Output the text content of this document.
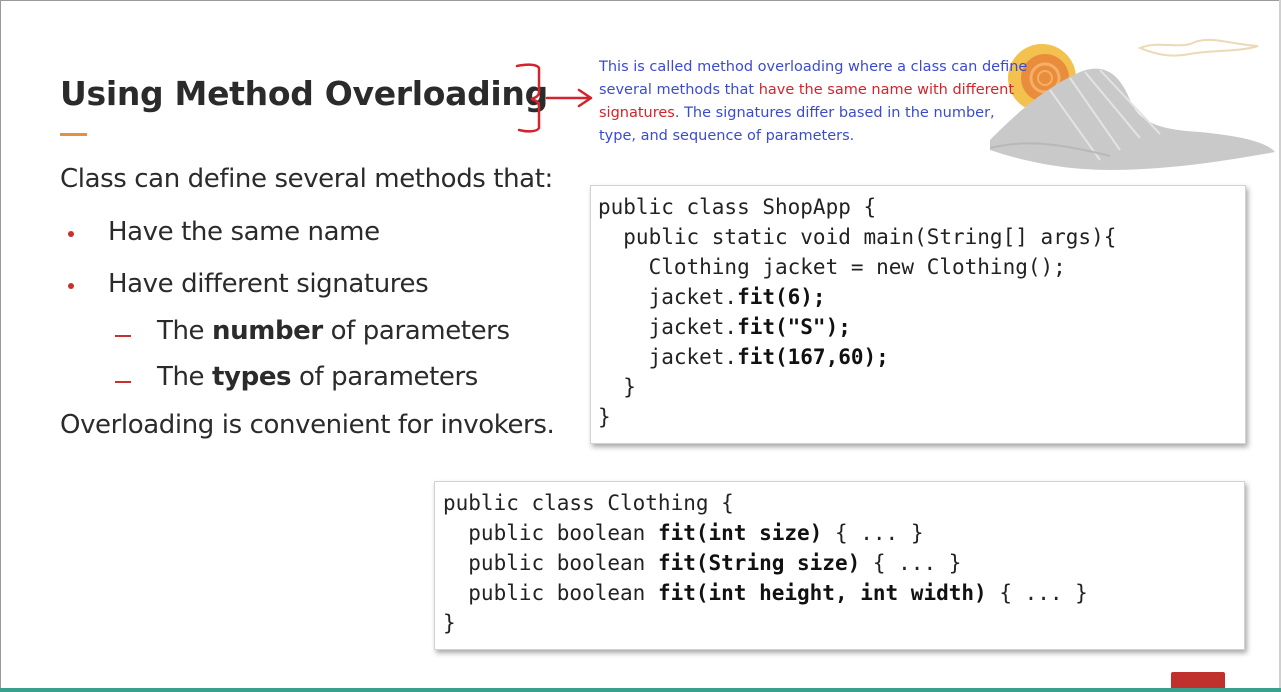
Using Method Overloading
This is called method overloading where a class can define several methods that have the same name with different signatures. The signatures differ based in the number, type, and sequence of parameters.
Class can define several methods that:
Have the same name
Have different signatures
The number of parameters
The types of parameters
Overloading is convenient for invokers.

public class ShopApp {

public static void main(String[] args){

Clothing jacket = new Clothing();

jacket.fit(6);

jacket.fit("S");

jacket.fit(167,60);

}

}

public class Clothing {

public boolean fit(int size) { ... }

public boolean fit(String size) { ... }

public boolean fit(int height, int width) { ... }

}
